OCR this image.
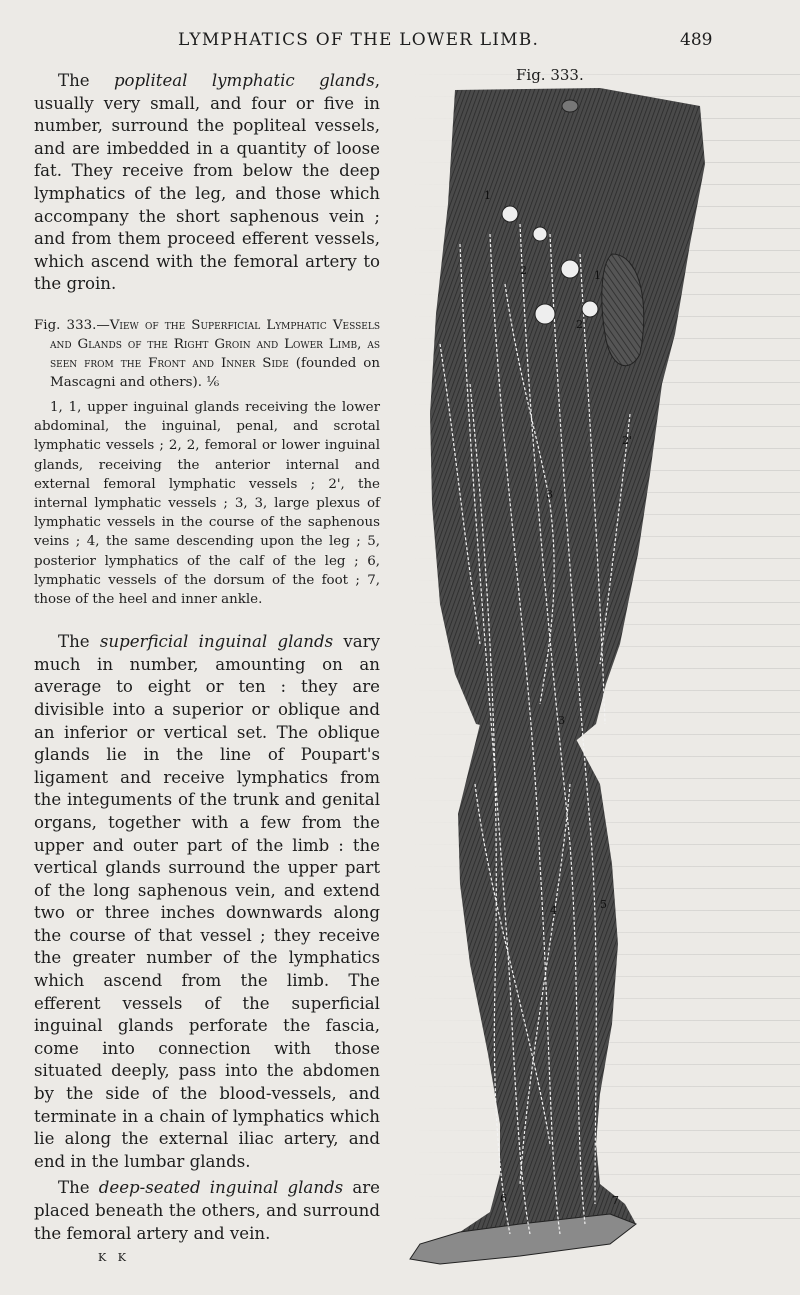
LYMPHATICS OF THE LOWER LIMB.	489

The popliteal lymphatic glands, usually very small, and four or five in number, surround the popliteal vessels, and are imbedded in a quantity of loose fat. They receive from below the deep lymphatics of the leg, and those which accompany the short saphenous vein ; and from them proceed efferent vessels, which ascend with the femoral artery to the groin.

Fig. 333.—View of the Superficial Lymphatic Vessels and Glands of the Right Groin and Lower Limb, as seen from the Front and Inner Side (founded on Mascagni and others). ⅙

1, 1, upper inguinal glands receiving the lower abdominal, the inguinal, penal, and scrotal lymphatic vessels ; 2, 2, femoral or lower inguinal glands, receiving the anterior internal and external femoral lymphatic vessels ; 2', the internal lymphatic vessels ; 3, 3, large plexus of lymphatic vessels in the course of the saphenous veins ; 4, the same descending upon the leg ; 5, posterior lymphatics of the calf of the leg ; 6, lymphatic vessels of the dorsum of the foot ; 7, those of the heel and inner ankle.

The superficial inguinal glands vary much in number, amounting on an average to eight or ten : they are divisible into a superior or oblique and an inferior or vertical set. The oblique glands lie in the line of Poupart's ligament and receive lymphatics from the integuments of the trunk and genital organs, together with a few from the upper and outer part of the limb : the vertical glands surround the upper part of the long saphenous vein, and extend two or three inches downwards along the course of that vessel ; they receive the greater number of the lymphatics which ascend from the limb. The efferent vessels of the superficial inguinal glands perforate the fascia, come into connection with those situated deeply, pass into the abdomen by the side of the blood-vessels, and terminate in a chain of lymphatics which lie along the external iliac artery, and end in the lumbar glands.

The deep-seated inguinal glands are placed beneath the others, and surround the femoral artery and vein.

K K
Fig. 333.
1
1
2
2
2'
3
3
4	5
6	7
